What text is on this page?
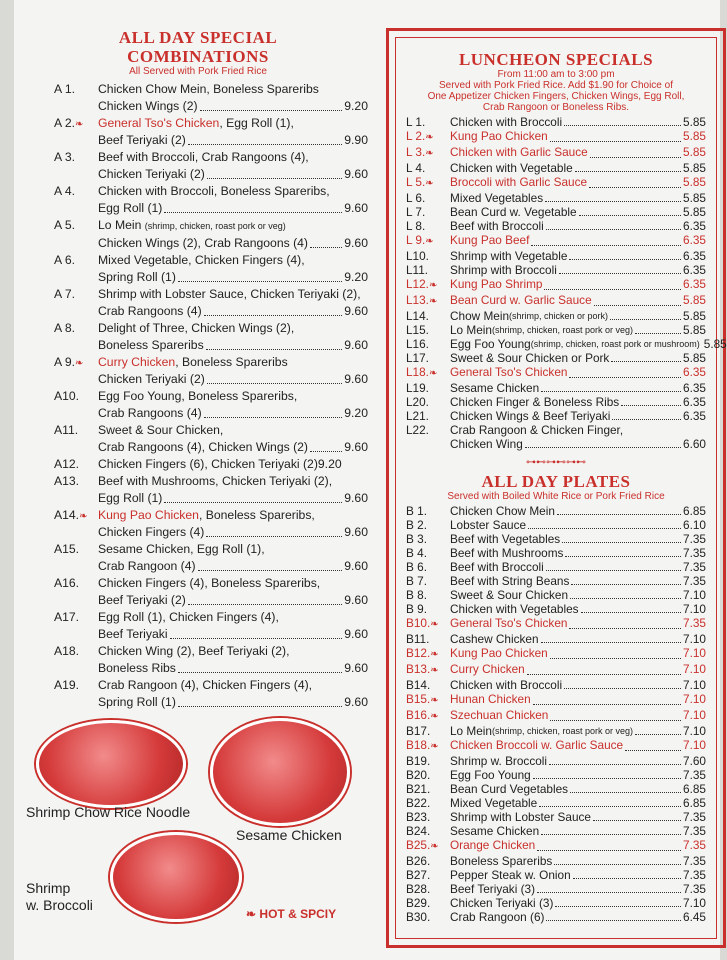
ALL DAY SPECIAL
COMBINATIONS
All Served with Pork Fried Rice
A 1.	Chicken Chow Mein, Boneless Spareribs
Chicken Wings (2)	9.20
A 2.❧	General Tso's Chicken, Egg Roll (1),
Beef Teriyaki (2)	9.90
A 3.	Beef with Broccoli, Crab Rangoons (4),
Chicken Teriyaki (2)	9.60
A 4.	Chicken with Broccoli, Boneless Spareribs,
Egg Roll (1)	9.60
A 5.	Lo Mein (shrimp, chicken, roast pork or veg)
Chicken Wings (2), Crab Rangoons (4)	9.60
A 6.	Mixed Vegetable, Chicken Fingers (4),
Spring Roll (1)	9.20
A 7.	Shrimp with Lobster Sauce, Chicken Teriyaki (2),
Crab Rangoons (4)	9.60
A 8.	Delight of Three, Chicken Wings (2),
Boneless Spareribs	9.60
A 9.❧	Curry Chicken, Boneless Spareribs
Chicken Teriyaki (2)	9.60
A10.	Egg Foo Young, Boneless Spareribs,
Crab Rangoons (4)	9.20
A11.	Sweet & Sour Chicken,
Crab Rangoons (4), Chicken Wings (2)	9.60
A12.	Chicken Fingers (6), Chicken Teriyaki (2) 9.20
A13.	Beef with Mushrooms, Chicken Teriyaki (2),
Egg Roll (1)	9.60
A14.❧ Kung Pao Chicken, Boneless Spareribs,
Chicken Fingers (4)	9.60
A15.	Sesame Chicken, Egg Roll (1),
Crab Rangoon (4)	9.60
A16.	Chicken Fingers (4), Boneless Spareribs,
Beef Teriyaki (2)	9.60
A17.	Egg Roll (1), Chicken Fingers (4),
Beef Teriyaki	9.60
A18.	Chicken Wing (2), Beef Teriyaki (2),
Boneless Ribs	9.60
A19.	Crab Rangoon (4), Chicken Fingers (4),
Spring Roll (1)	9.60
Shrimp Chow Rice Noodle
Sesame Chicken
Shrimp
w. Broccoli
❧ HOT & SPCIY
LUNCHEON SPECIALS
From 11:00 am to 3:00 pm
Served with Pork Fried Rice. Add $1.90 for Choice of
One Appetizer Chicken Fingers, Chicken Wings, Egg Roll,
Crab Rangoon or Boneless Ribs.
L 1.	Chicken with Broccoli	5.85
L 2.❧	Kung Pao Chicken	5.85
L 3.❧	Chicken with Garlic Sauce	5.85
L 4.	Chicken with Vegetable	5.85
L 5.❧	Broccoli with Garlic Sauce	5.85
L 6.	Mixed Vegetables	5.85
L 7.	Bean Curd w. Vegetable	5.85
L 8.	Beef with Broccoli	6.35
L 9.❧	Kung Pao Beef	6.35
L10.	Shrimp with Vegetable	6.35
L11.	Shrimp with Broccoli	6.35
L12.❧	Kung Pao Shrimp	6.35
L13.❧	Bean Curd w. Garlic Sauce	5.85
L14.	Chow Mein (shrimp, chicken or pork)	5.85
L15.	Lo Mein (shrimp, chicken, roast pork or veg)	5.85
L16.	Egg Foo Young (shrimp, chicken, roast pork or mushroom) 5.85
L17.	Sweet & Sour Chicken or Pork	5.85
L18.❧	General Tso's Chicken	6.35
L19.	Sesame Chicken	6.35
L20.	Chicken Finger & Boneless Ribs	6.35
L21.	Chicken Wings & Beef Teriyaki	6.35
L22.	Crab Rangoon & Chicken Finger,
Chicken Wing	6.60
⊶⊷⊶⊷⊶⊷
ALL DAY PLATES
Served with Boiled White Rice or Pork Fried Rice
B 1.	Chicken Chow Mein	6.85
B 2.	Lobster Sauce	6.10
B 3.	Beef with Vegetables	7.35
B 4.	Beef with Mushrooms	7.35
B 6.	Beef with Broccoli	7.35
B 7.	Beef with String Beans	7.35
B 8.	Sweet & Sour Chicken	7.10
B 9.	Chicken with Vegetables	7.10
B10.❧ General Tso's Chicken	7.35
B11.	Cashew Chicken	7.10
B12.❧ Kung Pao Chicken	7.10
B13.❧ Curry Chicken	7.10
B14.	Chicken with Broccoli	7.10
B15.❧ Hunan Chicken	7.10
B16.❧ Szechuan Chicken	7.10
B17.	Lo Mein (shrimp, chicken, roast pork or veg)	7.10
B18.❧ Chicken Broccoli w. Garlic Sauce	7.10
B19.	Shrimp w. Broccoli	7.60
B20.	Egg Foo Young	7.35
B21.	Bean Curd Vegetables	6.85
B22.	Mixed Vegetable	6.85
B23.	Shrimp with Lobster Sauce	7.35
B24.	Sesame Chicken	7.35
B25.❧ Orange Chicken	7.35
B26.	Boneless Spareribs	7.35
B27.	Pepper Steak w. Onion	7.35
B28.	Beef Teriyaki (3)	7.35
B29.	Chicken Teriyaki (3)	7.10
B30.	Crab Rangoon (6)	6.45
